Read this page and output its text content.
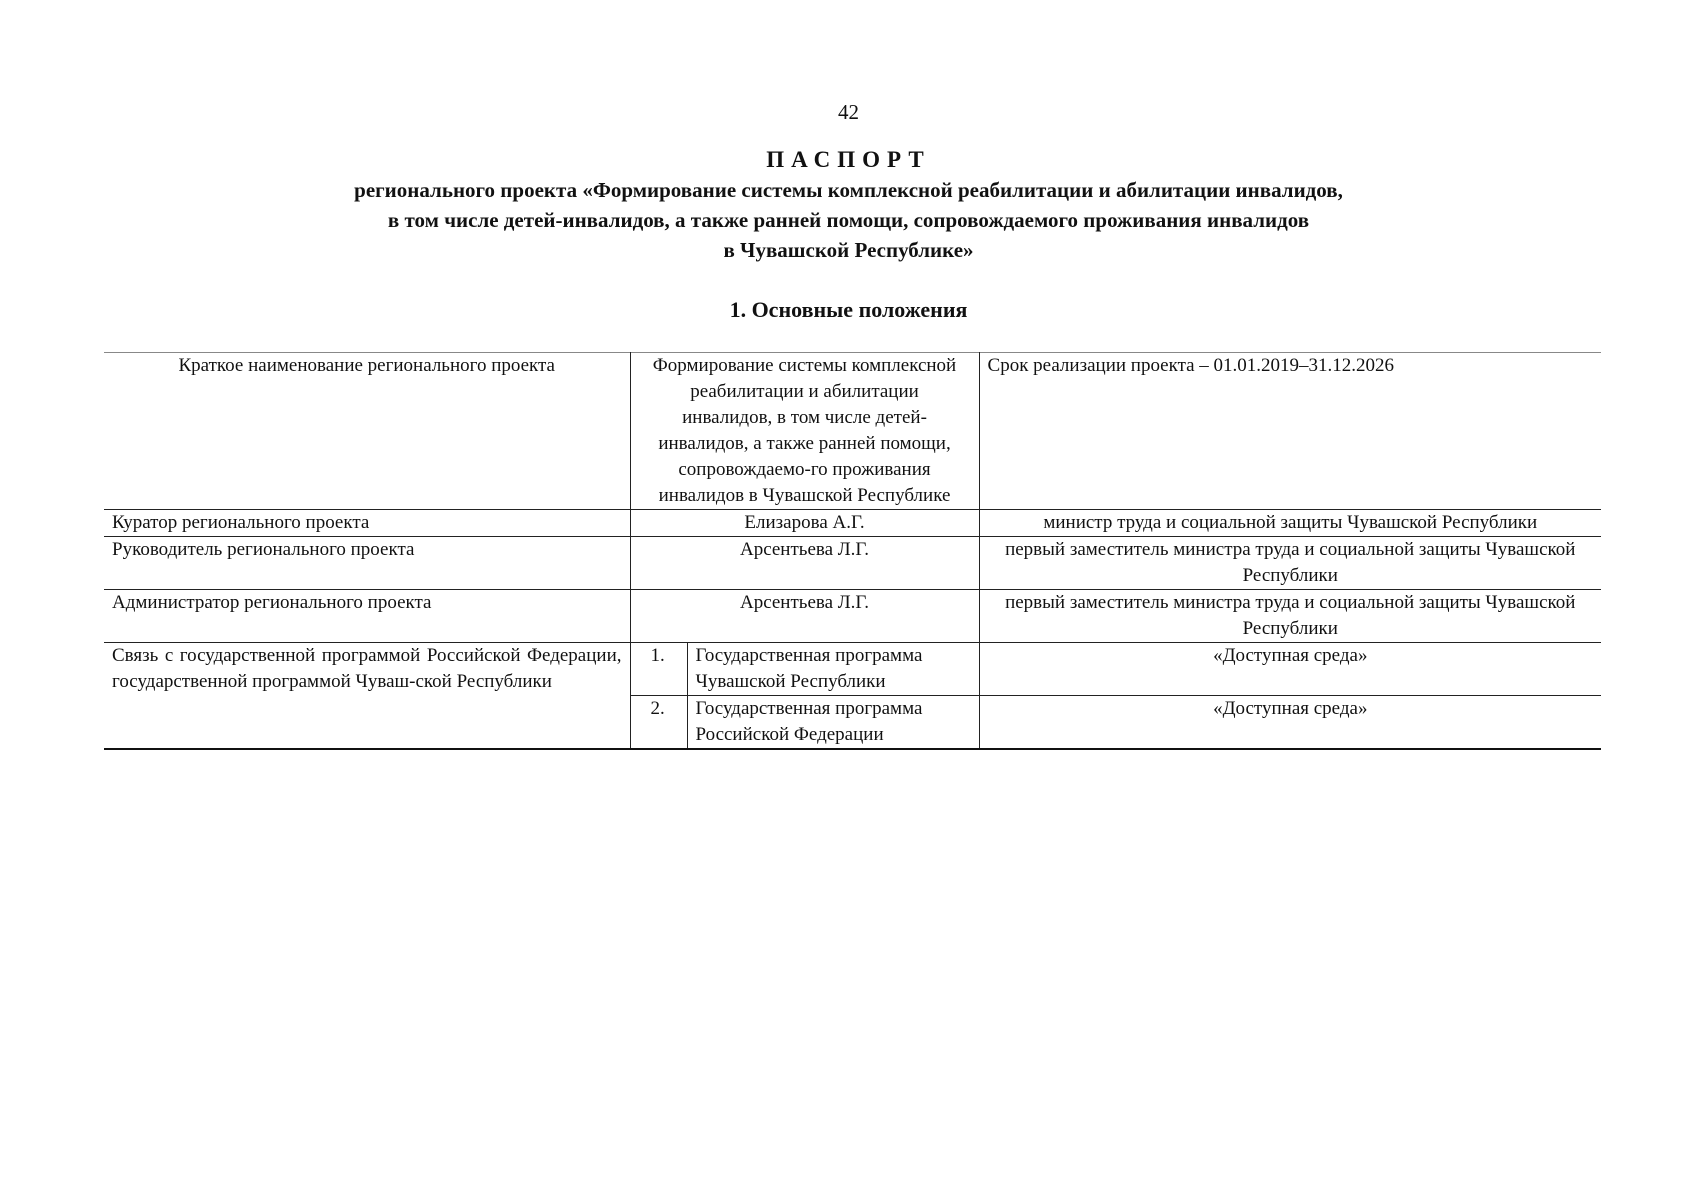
42
ПАСПОРТ
регионального проекта «Формирование системы комплексной реабилитации и абилитации инвалидов,
в том числе детей-инвалидов, а также ранней помощи, сопровождаемого проживания инвалидов
в Чувашской Республике»
1. Основные положения
Краткое наименование регионального проекта	Формирование системы комплексной реабилитации и абилитации инвалидов, в том числе детей-инвалидов, а также ранней помощи, сопровождаемо-го проживания инвалидов в Чувашской Республике		Срок реализации проекта – 01.01.2019–31.12.2026
Куратор регионального проекта	Елизарова А.Г.		министр труда и социальной защиты Чувашской Республики
Руководитель регионального проекта	Арсентьева Л.Г.		первый заместитель министра труда и социальной защиты Чувашской Республики
Администратор регионального проекта	Арсентьева Л.Г.		первый заместитель министра труда и социальной защиты Чувашской Республики
Связь с государственной программой Российской Федерации, государственной программой Чуваш-ской Республики	1.	Государственная программа Чувашской Республики	«Доступная среда»
	2.	Государственная программа Российской Федерации	«Доступная среда»
